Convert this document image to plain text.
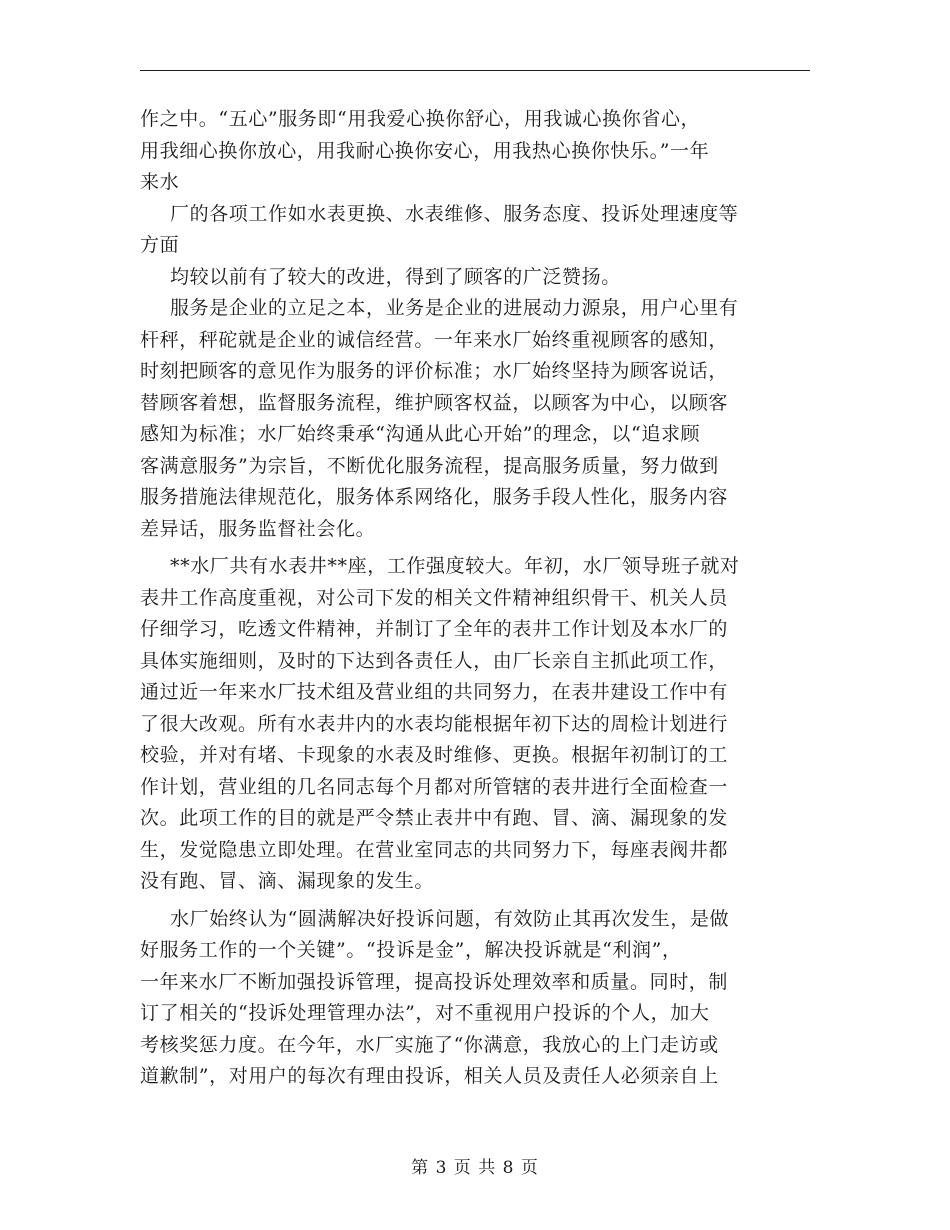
作之中。“五心”服务即“用我爱心换你舒心，用我诚心换你省心，
用我细心换你放心，用我耐心换你安心，用我热心换你快乐。”一年
来水
厂的各项工作如水表更换、水表维修、服务态度、投诉处理速度等
方面
均较以前有了较大的改进，得到了顾客的广泛赞扬。
服务是企业的立足之本，业务是企业的进展动力源泉，用户心里有
杆秤，秤砣就是企业的诚信经营。一年来水厂始终重视顾客的感知，
时刻把顾客的意见作为服务的评价标准；水厂始终坚持为顾客说话，
替顾客着想，监督服务流程，维护顾客权益，以顾客为中心，以顾客
感知为标准；水厂始终秉承“沟通从此心开始”的理念，以“追求顾
客满意服务”为宗旨，不断优化服务流程，提高服务质量，努力做到
服务措施法律规范化，服务体系网络化，服务手段人性化，服务内容
差异话，服务监督社会化。
**水厂共有水表井**座，工作强度较大。年初，水厂领导班子就对
表井工作高度重视，对公司下发的相关文件精神组织骨干、机关人员
仔细学习，吃透文件精神，并制订了全年的表井工作计划及本水厂的
具体实施细则，及时的下达到各责任人，由厂长亲自主抓此项工作，
通过近一年来水厂技术组及营业组的共同努力，在表井建设工作中有
了很大改观。所有水表井内的水表均能根据年初下达的周检计划进行
校验，并对有堵、卡现象的水表及时维修、更换。根据年初制订的工
作计划，营业组的几名同志每个月都对所管辖的表井进行全面检查一
次。此项工作的目的就是严令禁止表井中有跑、冒、滴、漏现象的发
生，发觉隐患立即处理。在营业室同志的共同努力下，每座表阀井都
没有跑、冒、滴、漏现象的发生。
水厂始终认为“圆满解决好投诉问题，有效防止其再次发生，是做
好服务工作的一个关键”。“投诉是金”，解决投诉就是“利润”，
一年来水厂不断加强投诉管理，提高投诉处理效率和质量。同时，制
订了相关的“投诉处理管理办法”，对不重视用户投诉的个人，加大
考核奖惩力度。在今年，水厂实施了“你满意，我放心的上门走访或
道歉制”，对用户的每次有理由投诉，相关人员及责任人必须亲自上
第 3 页 共 8 页
